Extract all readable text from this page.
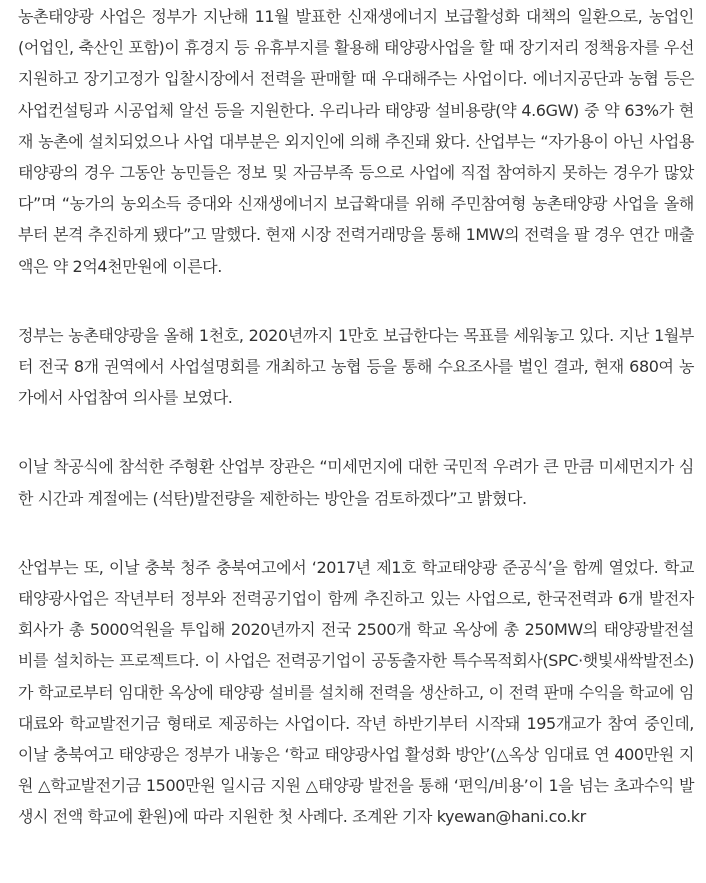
농촌태양광 사업은 정부가 지난해 11월 발표한 신재생에너지 보급활성화 대책의 일환으로, 농업인(어업인, 축산인 포함)이 휴경지 등 유휴부지를 활용해 태양광사업을 할 때 장기저리 정책융자를 우선 지원하고 장기고정가 입찰시장에서 전력을 판매할 때 우대해주는 사업이다. 에너지공단과 농협 등은 사업컨설팅과 시공업체 알선 등을 지원한다. 우리나라 태양광 설비용량(약 4.6GW) 중 약 63%가 현재 농촌에 설치되었으나 사업 대부분은 외지인에 의해 추진돼 왔다. 산업부는 “자가용이 아닌 사업용 태양광의 경우 그동안 농민들은 정보 및 자금부족 등으로 사업에 직접 참여하지 못하는 경우가 많았다”며 “농가의 농외소득 증대와 신재생에너지 보급확대를 위해 주민참여형 농촌태양광 사업을 올해부터 본격 추진하게 됐다”고 말했다. 현재 시장 전력거래망을 통해 1MW의 전력을 팔 경우 연간 매출액은 약 2억4천만원에 이른다.

정부는 농촌태양광을 올해 1천호, 2020년까지 1만호 보급한다는 목표를 세워놓고 있다. 지난 1월부터 전국 8개 권역에서 사업설명회를 개최하고 농협 등을 통해 수요조사를 벌인 결과, 현재 680여 농가에서 사업참여 의사를 보였다.

이날 착공식에 참석한 주형환 산업부 장관은 “미세먼지에 대한 국민적 우려가 큰 만큼 미세먼지가 심한 시간과 계절에는 (석탄)발전량을 제한하는 방안을 검토하겠다”고 밝혔다.

산업부는 또, 이날 충북 청주 충북여고에서 ‘2017년 제1호 학교태양광 준공식’을 함께 열었다. 학교 태양광사업은 작년부터 정부와 전력공기업이 함께 추진하고 있는 사업으로, 한국전력과 6개 발전자회사가 총 5000억원을 투입해 2020년까지 전국 2500개 학교 옥상에 총 250MW의 태양광발전설비를 설치하는 프로젝트다. 이 사업은 전력공기업이 공동출자한 특수목적회사(SPC·햇빛새싹발전소)가 학교로부터 임대한 옥상에 태양광 설비를 설치해 전력을 생산하고, 이 전력 판매 수익을 학교에 임대료와 학교발전기금 형태로 제공하는 사업이다. 작년 하반기부터 시작돼 195개교가 참여 중인데, 이날 충북여고 태양광은 정부가 내놓은 ‘학교 태양광사업 활성화 방안’(△옥상 임대료 연 400만원 지원 △학교발전기금 1500만원 일시금 지원 △태양광 발전을 통해 ‘편익/비용’이 1을 넘는 초과수익 발생시 전액 학교에 환원)에 따라 지원한 첫 사례다. 조계완 기자 kyewan@hani.co.kr
